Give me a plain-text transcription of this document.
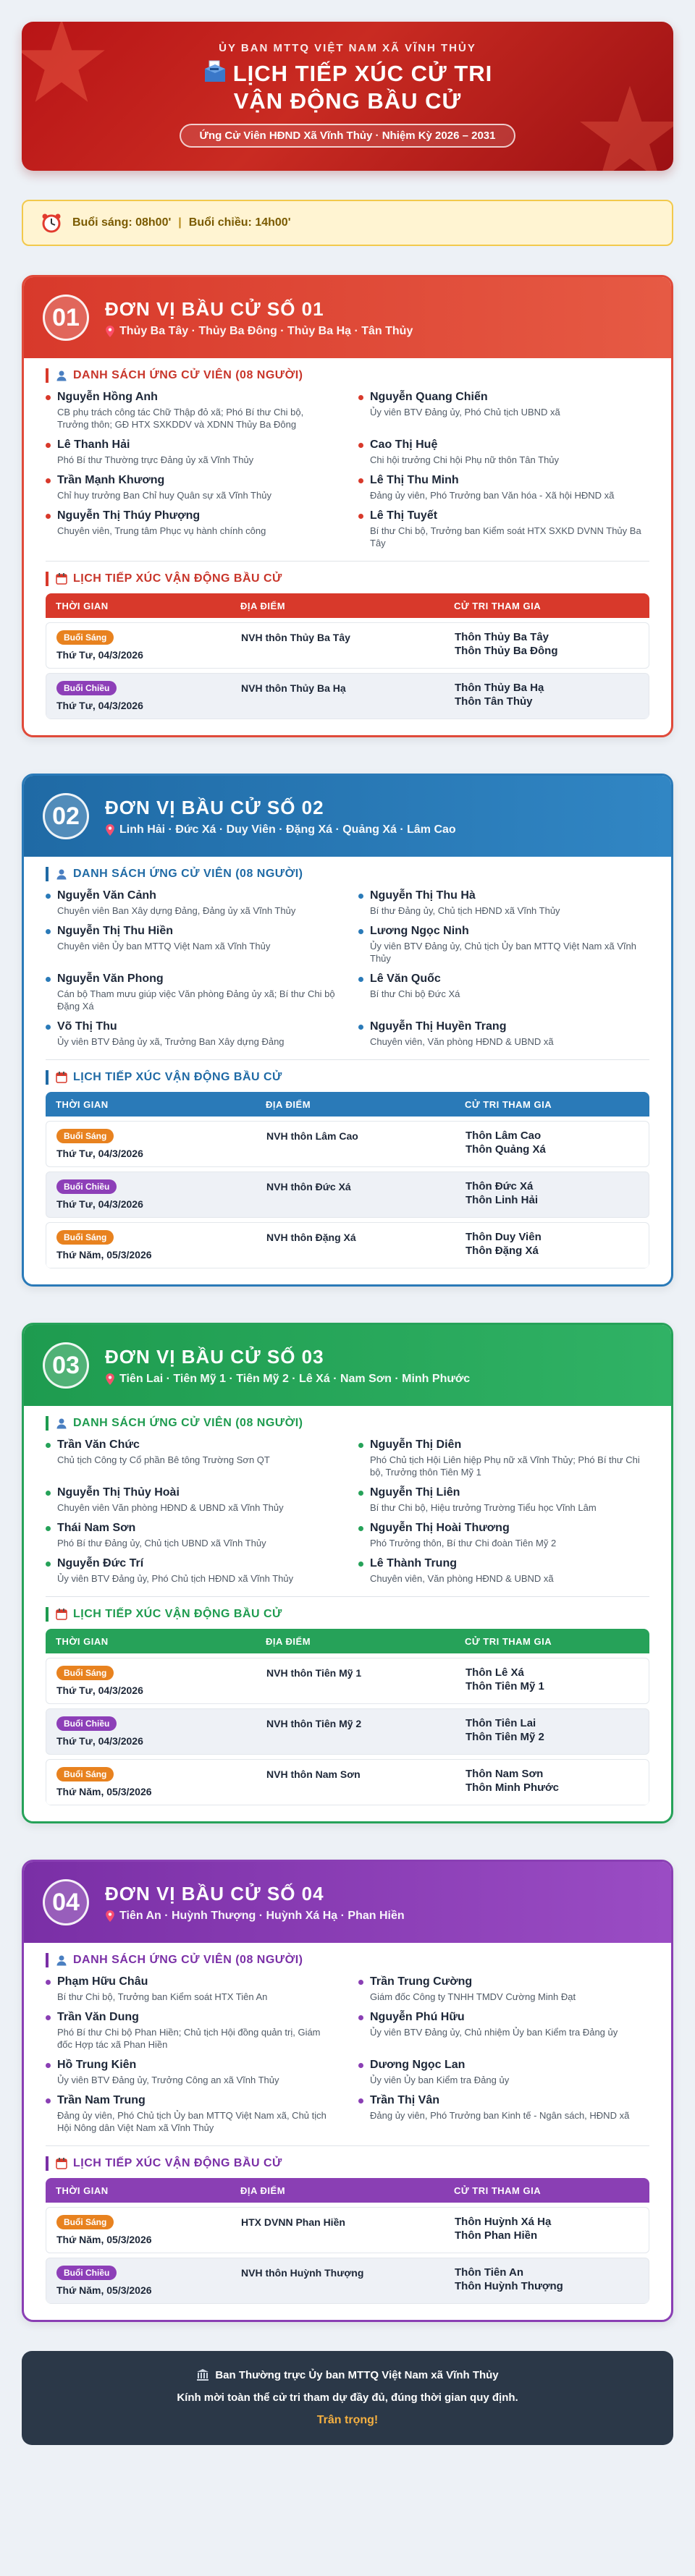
ỦY BAN MTTQ VIỆT NAM XÃ VĨNH THỦY
LỊCH TIẾP XÚC CỬ TRI
VẬN ĐỘNG BẦU CỬ
Ứng Cử Viên HĐND Xã Vĩnh Thủy · Nhiệm Kỳ 2026 – 2031
Buổi sáng: 08h00' | Buổi chiều: 14h00'
01 ĐƠN VỊ BẦU CỬ SỐ 01
Thủy Ba Tây · Thủy Ba Đông · Thủy Ba Hạ · Tân Thủy
DANH SÁCH ỨNG CỬ VIÊN (08 NGƯỜI)
Nguyễn Hồng Anh
CB phụ trách công tác Chữ Thập đỏ xã; Phó Bí thư Chi bộ, Trưởng thôn; GĐ HTX SXKDDV và XDNN Thủy Ba Đông
Nguyễn Quang Chiến
Ủy viên BTV Đảng ủy, Phó Chủ tịch UBND xã
Lê Thanh Hải
Phó Bí thư Thường trực Đảng ủy xã Vĩnh Thủy
Cao Thị Huệ
Chi hội trưởng Chi hội Phụ nữ thôn Tân Thủy
Trần Mạnh Khương
Chỉ huy trưởng Ban Chỉ huy Quân sự xã Vĩnh Thủy
Lê Thị Thu Minh
Đảng ủy viên, Phó Trưởng ban Văn hóa - Xã hội HĐND xã
Nguyễn Thị Thúy Phượng
Chuyên viên, Trung tâm Phục vụ hành chính công
Lê Thị Tuyết
Bí thư Chi bộ, Trưởng ban Kiểm soát HTX SXKD DVNN Thủy Ba Tây
LỊCH TIẾP XÚC VẬN ĐỘNG BẦU CỬ
THỜI GIAN	ĐỊA ĐIỂM	CỬ TRI THAM GIA
Buổi Sáng
Thứ Tư, 04/3/2026
NVH thôn Thủy Ba Tây	Thôn Thủy Ba Tây
Thôn Thủy Ba Đông
Buổi Chiều
Thứ Tư, 04/3/2026
NVH thôn Thủy Ba Hạ	Thôn Thủy Ba Hạ
Thôn Tân Thủy
02 ĐƠN VỊ BẦU CỬ SỐ 02
Linh Hải · Đức Xá · Duy Viên · Đặng Xá · Quảng Xá · Lâm Cao
DANH SÁCH ỨNG CỬ VIÊN (08 NGƯỜI)
Nguyễn Văn Cảnh
Chuyên viên Ban Xây dựng Đảng, Đảng ủy xã Vĩnh Thủy
Nguyễn Thị Thu Hà
Bí thư Đảng ủy, Chủ tịch HĐND xã Vĩnh Thủy
Nguyễn Thị Thu Hiền
Chuyên viên Ủy ban MTTQ Việt Nam xã Vĩnh Thủy
Lương Ngọc Ninh
Ủy viên BTV Đảng ủy, Chủ tịch Ủy ban MTTQ Việt Nam xã Vĩnh Thủy
Nguyễn Văn Phong
Cán bộ Tham mưu giúp việc Văn phòng Đảng ủy xã; Bí thư Chi bộ Đặng Xá
Lê Văn Quốc
Bí thư Chi bộ Đức Xá
Võ Thị Thu
Ủy viên BTV Đảng ủy xã, Trưởng Ban Xây dựng Đảng
Nguyễn Thị Huyền Trang
Chuyên viên, Văn phòng HĐND & UBND xã
LỊCH TIẾP XÚC VẬN ĐỘNG BẦU CỬ
THỜI GIAN	ĐỊA ĐIỂM	CỬ TRI THAM GIA
Buổi Sáng
Thứ Tư, 04/3/2026
NVH thôn Lâm Cao	Thôn Lâm Cao
Thôn Quảng Xá
Buổi Chiều
Thứ Tư, 04/3/2026
NVH thôn Đức Xá	Thôn Đức Xá
Thôn Linh Hải
Buổi Sáng
Thứ Năm, 05/3/2026
NVH thôn Đặng Xá	Thôn Duy Viên
Thôn Đặng Xá
03 ĐƠN VỊ BẦU CỬ SỐ 03
Tiên Lai · Tiên Mỹ 1 · Tiên Mỹ 2 · Lê Xá · Nam Sơn · Minh Phước
DANH SÁCH ỨNG CỬ VIÊN (08 NGƯỜI)
Trần Văn Chức
Chủ tịch Công ty Cổ phần Bê tông Trường Sơn QT
Nguyễn Thị Diên
Phó Chủ tịch Hội Liên hiệp Phụ nữ xã Vĩnh Thủy; Phó Bí thư Chi bộ, Trưởng thôn Tiên Mỹ 1
Nguyễn Thị Thủy Hoài
Chuyên viên Văn phòng HĐND & UBND xã Vĩnh Thủy
Nguyễn Thị Liên
Bí thư Chi bộ, Hiệu trưởng Trường Tiểu học Vĩnh Lâm
Thái Nam Sơn
Phó Bí thư Đảng ủy, Chủ tịch UBND xã Vĩnh Thủy
Nguyễn Thị Hoài Thương
Phó Trưởng thôn, Bí thư Chi đoàn Tiên Mỹ 2
Nguyễn Đức Trí
Ủy viên BTV Đảng ủy, Phó Chủ tịch HĐND xã Vĩnh Thủy
Lê Thành Trung
Chuyên viên, Văn phòng HĐND & UBND xã
LỊCH TIẾP XÚC VẬN ĐỘNG BẦU CỬ
THỜI GIAN	ĐỊA ĐIỂM	CỬ TRI THAM GIA
Buổi Sáng
Thứ Tư, 04/3/2026
NVH thôn Tiên Mỹ 1	Thôn Lê Xá
Thôn Tiên Mỹ 1
Buổi Chiều
Thứ Tư, 04/3/2026
NVH thôn Tiên Mỹ 2	Thôn Tiên Lai
Thôn Tiên Mỹ 2
Buổi Sáng
Thứ Năm, 05/3/2026
NVH thôn Nam Sơn	Thôn Nam Sơn
Thôn Minh Phước
04 ĐƠN VỊ BẦU CỬ SỐ 04
Tiên An · Huỳnh Thượng · Huỳnh Xá Hạ · Phan Hiền
DANH SÁCH ỨNG CỬ VIÊN (08 NGƯỜI)
Phạm Hữu Châu
Bí thư Chi bộ, Trưởng ban Kiểm soát HTX Tiên An
Trần Trung Cường
Giám đốc Công ty TNHH TMDV Cường Minh Đạt
Trần Văn Dung
Phó Bí thư Chi bộ Phan Hiền; Chủ tịch Hội đồng quản trị, Giám đốc Hợp tác xã Phan Hiền
Nguyễn Phú Hữu
Ủy viên BTV Đảng ủy, Chủ nhiệm Ủy ban Kiểm tra Đảng ủy
Hồ Trung Kiên
Ủy viên BTV Đảng ủy, Trưởng Công an xã Vĩnh Thủy
Dương Ngọc Lan
Ủy viên Ủy ban Kiểm tra Đảng ủy
Trần Nam Trung
Đảng ủy viên, Phó Chủ tịch Ủy ban MTTQ Việt Nam xã, Chủ tịch Hội Nông dân Việt Nam xã Vĩnh Thủy
Trần Thị Vân
Đảng ủy viên, Phó Trưởng ban Kinh tế - Ngân sách, HĐND xã
LỊCH TIẾP XÚC VẬN ĐỘNG BẦU CỬ
THỜI GIAN	ĐỊA ĐIỂM	CỬ TRI THAM GIA
Buổi Sáng
Thứ Năm, 05/3/2026
HTX DVNN Phan Hiền	Thôn Huỳnh Xá Hạ
Thôn Phan Hiền
Buổi Chiều
Thứ Năm, 05/3/2026
NVH thôn Huỳnh Thượng	Thôn Tiên An
Thôn Huỳnh Thượng
Ban Thường trực Ủy ban MTTQ Việt Nam xã Vĩnh Thủy
Kính mời toàn thể cử tri tham dự đầy đủ, đúng thời gian quy định.
Trân trọng!
